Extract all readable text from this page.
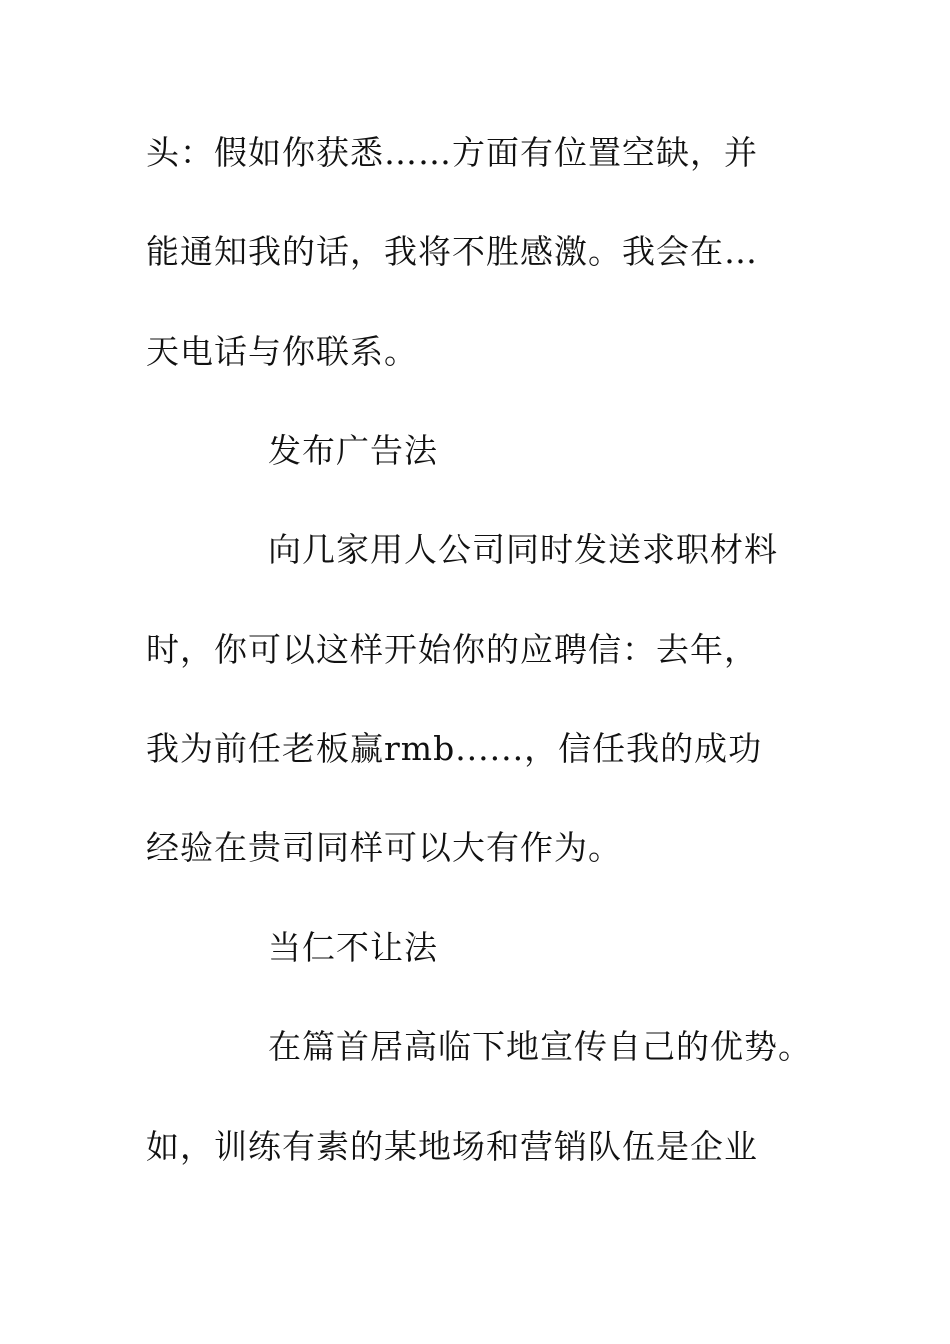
头：假如你获悉……方面有位置空缺，并
能通知我的话，我将不胜感激。我会在…
天电话与你联系。
发布广告法
向几家用人公司同时发送求职材料
时，你可以这样开始你的应聘信：去年，
我为前任老板赢rmb......，信任我的成功
经验在贵司同样可以大有作为。
当仁不让法
在篇首居高临下地宣传自己的优势。
如，训练有素的某地场和营销队伍是企业
